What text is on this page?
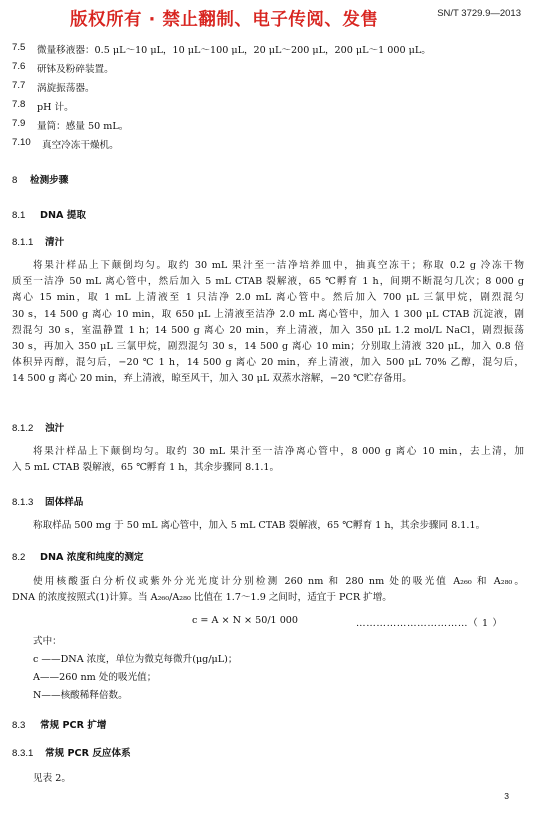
版权所有 · 禁止翻制、电子传阅、发售	SN/T 3729.9—2013
7.5 微量移液器：0.5 μL～10 μL，10 μL～100 μL，20 μL～200 μL，200 μL～1 000 μL。
7.6 研钵及粉碎装置。
7.7 涡旋振荡器。
7.8 pH 计。
7.9 量筒：感量 50 mL。
7.10 真空冷冻干燥机。
8 检测步骤
8.1 DNA 提取
8.1.1 清汁
将果汁样品上下颠倒均匀。取约 30 mL 果汁至一洁净培养皿中，抽真空冻干；称取 0.2 g 冷冻干物
质至一洁净 50 mL 离心管中，然后加入 5 mL CTAB 裂解液，65 ℃孵育 1 h，间期不断混匀几次；8 000 g
离心 15 min，取 1 mL 上清液至 1 只洁净 2.0 mL 离心管中。然后加入 700 μL 三氯甲烷，剧烈混匀
30 s，14 500 g 离心 10 min，取 650 μL 上清液至洁净 2.0 mL 离心管中，加入 1 300 μL CTAB 沉淀液，剧
烈混匀 30 s，室温静置 1 h；14 500 g 离心 20 min，弃上清液，加入 350 μL 1.2 mol/L NaCl，剧烈振荡
30 s，再加入 350 μL 三氯甲烷，剧烈混匀 30 s，14 500 g 离心 10 min；分别取上清液 320 μL，加入 0.8 倍
体积异丙醇，混匀后，−20 ℃ 1 h，14 500 g 离心 20 min，弃上清液，加入 500 μL 70% 乙醇，混匀后，
14 500 g 离心 20 min，弃上清液，晾至风干，加入 30 μL 双蒸水溶解，−20 ℃贮存备用。
8.1.2 浊汁
将果汁样品上下颠倒均匀。取约 30 mL 果汁至一洁净离心管中，8 000 g 离心 10 min，去上清，加
入 5 mL CTAB 裂解液，65 ℃孵育 1 h，其余步骤同 8.1.1。
8.1.3 固体样品
称取样品 500 mg 于 50 mL 离心管中，加入 5 mL CTAB 裂解液，65 ℃孵育 1 h，其余步骤同 8.1.1。
8.2 DNA 浓度和纯度的测定
使用核酸蛋白分析仪或紫外分光光度计分别检测 260 nm 和 280 nm 处的吸光值 A₂₆₀ 和 A₂₈₀。
DNA 的浓度按照式(1)计算。当 A₂₆₀/A₂₈₀ 比值在 1.7～1.9 之间时，适宜于 PCR 扩增。
c = A × N × 50/1 000	……………………………（ 1 ）
式中：
c ——DNA 浓度，单位为微克每微升(μg/μL)；
A——260 nm 处的吸光值；
N——核酸稀释倍数。
8.3 常规 PCR 扩增
8.3.1 常规 PCR 反应体系
见表 2。
3
